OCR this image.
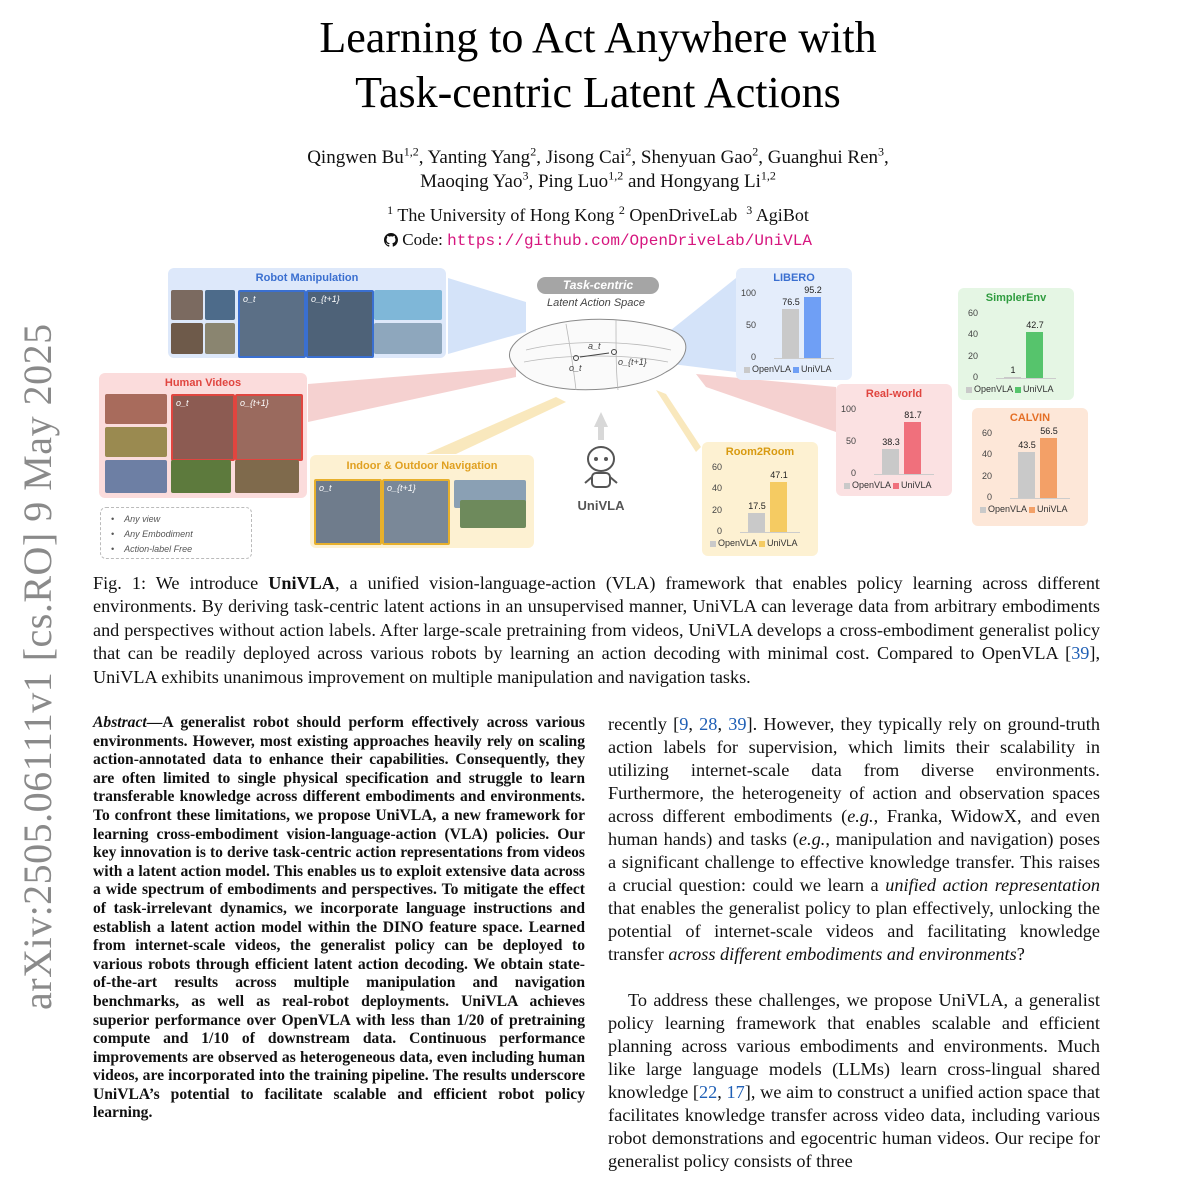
Learning to Act Anywhere with
Task-centric Latent Actions
Qingwen Bu$^{1,2}$, Yanting Yang$^2$, Jisong Cai$^2$, Shenyuan Gao$^2$, Guanghui Ren$^3$,
Maoqing Yao$^3$, Ping Luo$^{1,2}$ and Hongyang Li$^{1,2}$
$^1$ The University of Hong Kong $^2$ OpenDriveLab $^3$ AgiBot
Code: https://github.com/OpenDriveLab/UniVLA
arXiv:2505.06111v1 [cs.RO] 9 May 2025
Task-centric
Latent Action Space
o_t
a_t
o_{t+1}
UniVLA
Robot Manipulation
o_t	o_{t+1}
Human Videos
o_t	o_{t+1}
•    Any view
•    Any Embodiment
•    Action-label Free
Indoor & Outdoor Navigation
o_t	o_{t+1}
LIBERO
0
50
100
76.5
95.2
OpenVLA UniVLA
SimplerEnv
0
20
40
60
1
42.7
OpenVLA UniVLA
Real-world
0
50
100
38.3
81.7
OpenVLA UniVLA
CALVIN
0
20
40
60
43.5
56.5
OpenVLA UniVLA
Room2Room
0
20
40
60
17.5
47.1
OpenVLA UniVLA
Fig. 1: We introduce UniVLA, a unified vision-language-action (VLA) framework that enables policy learning across different environments. By deriving task-centric latent actions in an unsupervised manner, UniVLA can leverage data from arbitrary embodiments and perspectives without action labels. After large-scale pretraining from videos, UniVLA develops a cross-embodiment generalist policy that can be readily deployed across various robots by learning an action decoding with minimal cost. Compared to OpenVLA [39], UniVLA exhibits unanimous improvement on multiple manipulation and navigation tasks.
Abstract—A generalist robot should perform effectively across various environments. However, most existing approaches heavily rely on scaling action-annotated data to enhance their capabilities. Consequently, they are often limited to single physical specification and struggle to learn transferable knowledge across different embodiments and environments. To confront these limitations, we propose UniVLA, a new framework for learning cross-embodiment vision-language-action (VLA) policies. Our key innovation is to derive task-centric action representations from videos with a latent action model. This enables us to exploit extensive data across a wide spectrum of embodiments and perspectives. To mitigate the effect of task-irrelevant dynamics, we incorporate language instructions and establish a latent action model within the DINO feature space. Learned from internet-scale videos, the generalist policy can be deployed to various robots through efficient latent action decoding. We obtain state-of-the-art results across multiple manipulation and navigation benchmarks, as well as real-robot deployments. UniVLA achieves superior performance over OpenVLA with less than 1/20 of pretraining compute and 1/10 of downstream data. Continuous performance improvements are observed as heterogeneous data, even including human videos, are incorporated into the training pipeline. The results underscore UniVLA’s potential to facilitate scalable and efficient robot policy learning.

recently [9, 28, 39]. However, they typically rely on ground-truth action labels for supervision, which limits their scalability in utilizing internet-scale data from diverse environments. Furthermore, the heterogeneity of action and observation spaces across different embodiments (e.g., Franka, WidowX, and even human hands) and tasks (e.g., manipulation and navigation) poses a significant challenge to effective knowledge transfer. This raises a crucial question: could we learn a unified action representation that enables the generalist policy to plan effectively, unlocking the potential of internet-scale videos and facilitating knowledge transfer across different embodiments and environments?

To address these challenges, we propose UniVLA, a generalist policy learning framework that enables scalable and efficient planning across various embodiments and environments. Much like large language models (LLMs) learn cross-lingual shared knowledge [22, 17], we aim to construct a unified action space that facilitates knowledge transfer across video data, including various robot demonstrations and egocentric human videos. Our recipe for generalist policy consists of three
